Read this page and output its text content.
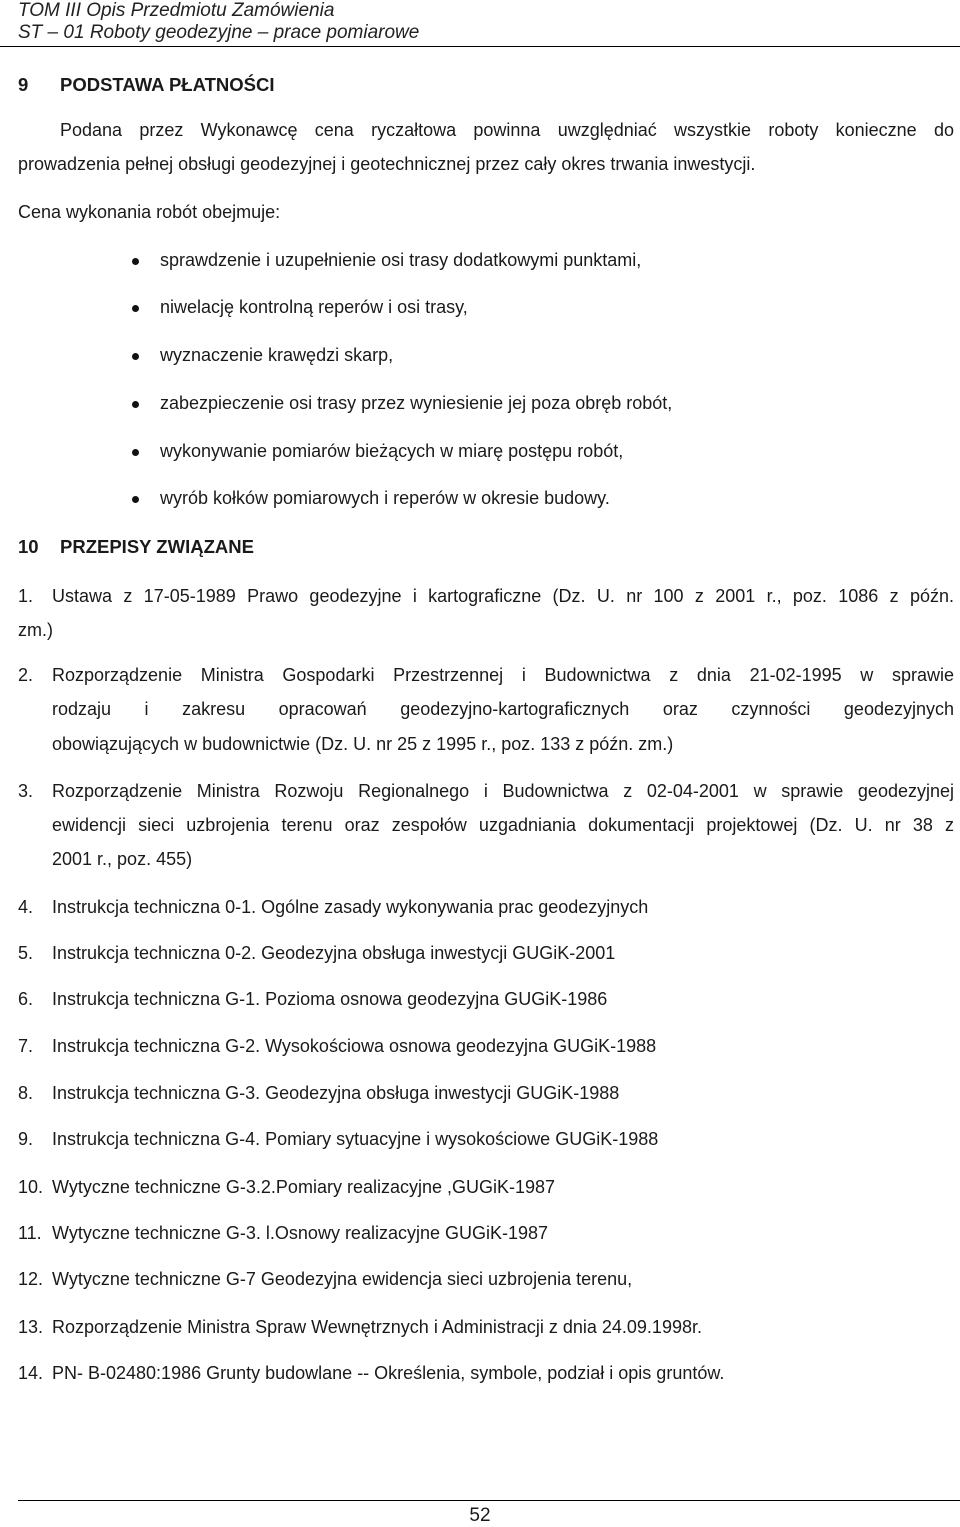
TOM III Opis Przedmiotu Zamówienia
ST – 01 Roboty geodezyjne – prace pomiarowe
9 PODSTAWA PŁATNOŚCI
Podana przez Wykonawcę cena ryczałtowa powinna uwzględniać wszystkie roboty konieczne do
prowadzenia pełnej obsługi geodezyjnej i geotechnicznej przez cały okres trwania inwestycji.
Cena wykonania robót obejmuje:
sprawdzenie i uzupełnienie osi trasy dodatkowymi punktami,
niwelację kontrolną reperów i osi trasy,
wyznaczenie krawędzi skarp,
zabezpieczenie osi trasy przez wyniesienie jej poza obręb robót,
wykonywanie pomiarów bieżących w miarę postępu robót,
wyrób kołków pomiarowych i reperów w okresie budowy.
10 PRZEPISY ZWIĄZANE
1. Ustawa z 17-05-1989 Prawo geodezyjne i kartograficzne (Dz. U. nr 100 z 2001 r., poz. 1086 z późn.
zm.)
2. Rozporządzenie Ministra Gospodarki Przestrzennej i Budownictwa z dnia 21-02-1995 w sprawie
rodzaju i zakresu opracowań geodezyjno-kartograficznych oraz czynności geodezyjnych
obowiązujących w budownictwie (Dz. U. nr 25 z 1995 r., poz. 133 z późn. zm.)
3. Rozporządzenie Ministra Rozwoju Regionalnego i Budownictwa z 02-04-2001 w sprawie geodezyjnej
ewidencji sieci uzbrojenia terenu oraz zespołów uzgadniania dokumentacji projektowej (Dz. U. nr 38 z
2001 r., poz. 455)
4. Instrukcja techniczna 0-1. Ogólne zasady wykonywania prac geodezyjnych
5. Instrukcja techniczna 0-2. Geodezyjna obsługa inwestycji GUGiK-2001
6. Instrukcja techniczna G-1. Pozioma osnowa geodezyjna GUGiK-1986
7. Instrukcja techniczna G-2. Wysokościowa osnowa geodezyjna GUGiK-1988
8. Instrukcja techniczna G-3. Geodezyjna obsługa inwestycji GUGiK-1988
9. Instrukcja techniczna G-4. Pomiary sytuacyjne i wysokościowe GUGiK-1988
10. Wytyczne techniczne G-3.2.Pomiary realizacyjne ,GUGiK-1987
11. Wytyczne techniczne G-3. l.Osnowy realizacyjne GUGiK-1987
12. Wytyczne techniczne G-7 Geodezyjna ewidencja sieci uzbrojenia terenu,
13. Rozporządzenie Ministra Spraw Wewnętrznych i Administracji z dnia 24.09.1998r.
14. PN- B-02480:1986 Grunty budowlane -- Określenia, symbole, podział i opis gruntów.
52
